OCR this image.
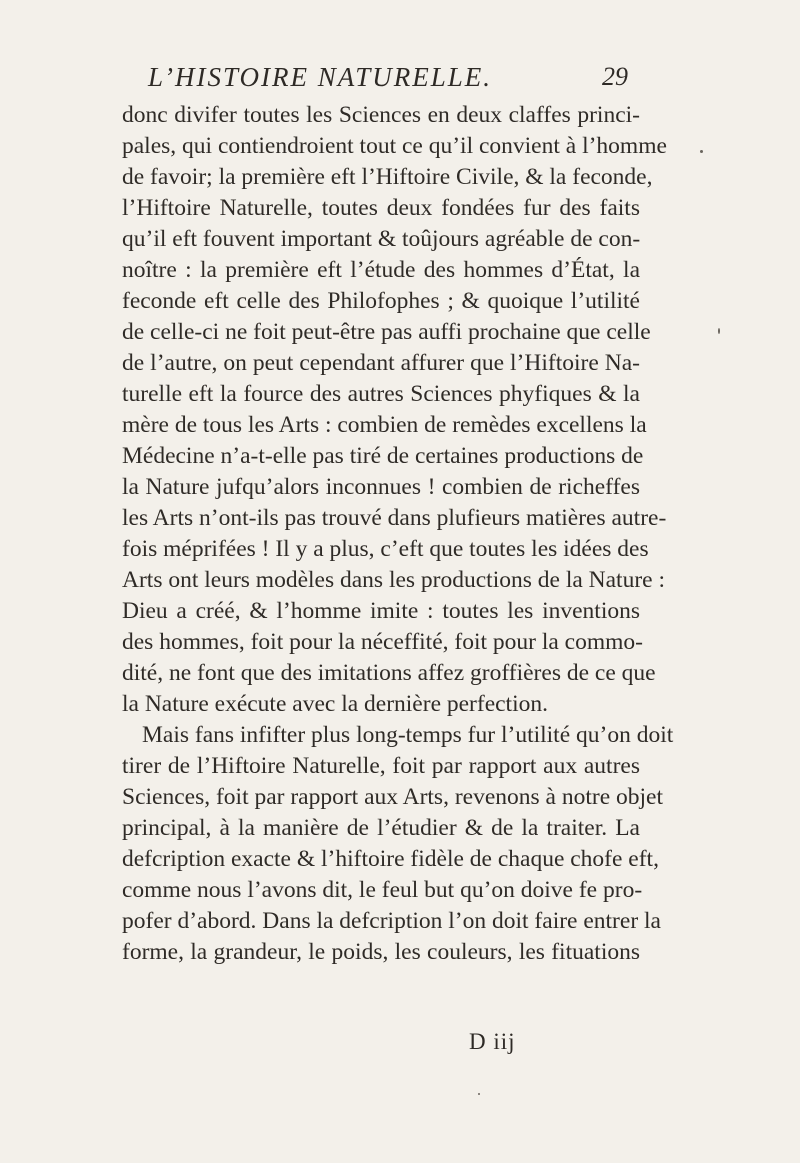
L’HISTOIRE NATURELLE.	29
donc divifer toutes les Sciences en deux claffes princi-
pales, qui contiendroient tout ce qu’il convient à l’homme
de favoir; la première eft l’Hiftoire Civile, & la feconde,
l’Hiftoire Naturelle, toutes deux fondées fur des faits
qu’il eft fouvent important & toûjours agréable de con-
noître : la première eft l’étude des hommes d’État, la
feconde eft celle des Philofophes ; & quoique l’utilité
de celle-ci ne foit peut-être pas auffi prochaine que celle
de l’autre, on peut cependant affurer que l’Hiftoire Na-
turelle eft la fource des autres Sciences phyfiques & la
mère de tous les Arts : combien de remèdes excellens la
Médecine n’a-t-elle pas tiré de certaines productions de
la Nature jufqu’alors inconnues ! combien de richeffes
les Arts n’ont-ils pas trouvé dans plufieurs matières autre-
fois méprifées ! Il y a plus, c’eft que toutes les idées des
Arts ont leurs modèles dans les productions de la Nature :
Dieu a créé, & l’homme imite : toutes les inventions
des hommes, foit pour la néceffité, foit pour la commo-
dité, ne font que des imitations affez groffières de ce que
la Nature exécute avec la dernière perfection.
Mais fans infifter plus long-temps fur l’utilité qu’on doit
tirer de l’Hiftoire Naturelle, foit par rapport aux autres
Sciences, foit par rapport aux Arts, revenons à notre objet
principal, à la manière de l’étudier & de la traiter. La
defcription exacte & l’hiftoire fidèle de chaque chofe eft,
comme nous l’avons dit, le feul but qu’on doive fe pro-
pofer d’abord. Dans la defcription l’on doit faire entrer la
forme, la grandeur, le poids, les couleurs, les fituations
D iij
